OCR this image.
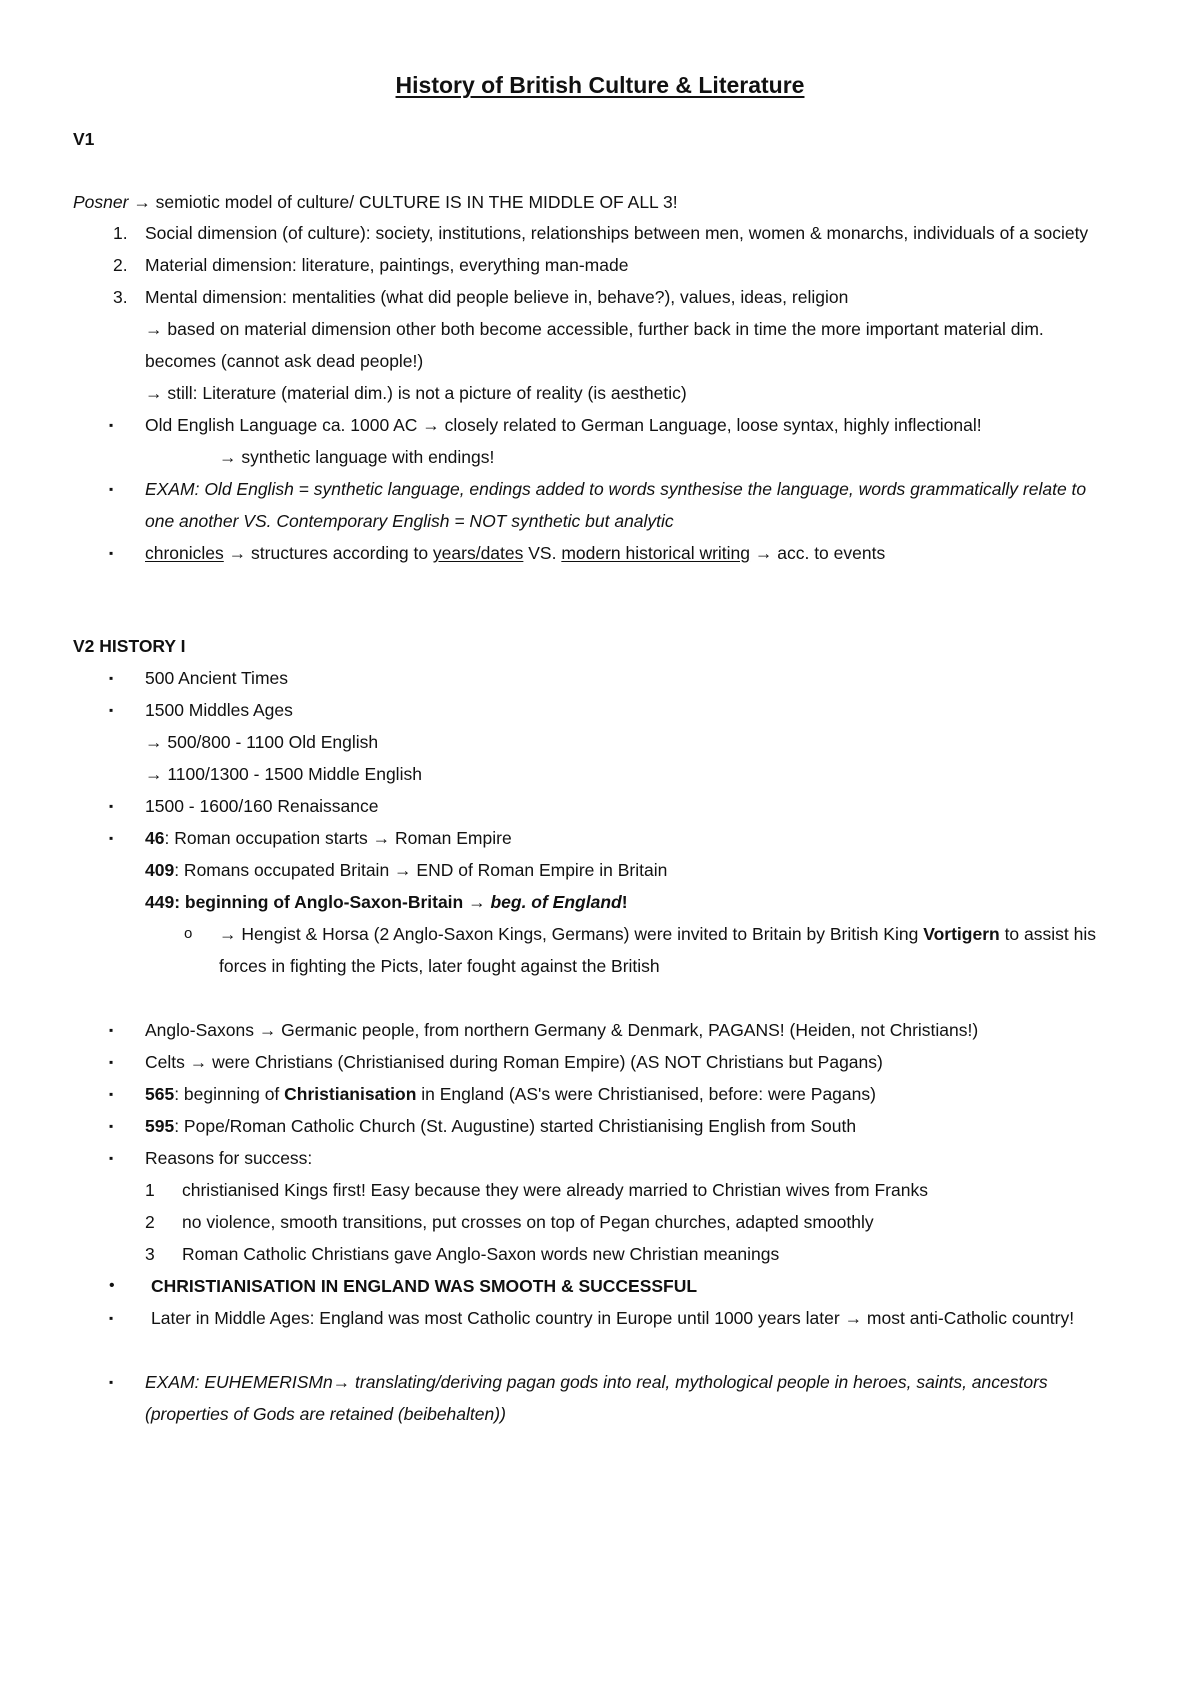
History of British Culture & Literature
V1
Posner → semiotic model of culture/ CULTURE IS IN THE MIDDLE OF ALL 3!
1. Social dimension (of culture): society, institutions, relationships between men, women & monarchs, individuals of a society
2. Material dimension: literature, paintings, everything man-made
3. Mental dimension: mentalities (what did people believe in, behave?), values, ideas, religion
→ based on material dimension other both become accessible, further back in time the more important material dim.
becomes (cannot ask dead people!)
→ still: Literature (material dim.) is not a picture of reality (is aesthetic)
▪ Old English Language ca. 1000 AC → closely related to German Language, loose syntax, highly inflectional!
→ synthetic language with endings!
▪ EXAM: Old English = synthetic language, endings added to words synthesise the language, words grammatically relate to
one another VS. Contemporary English = NOT synthetic but analytic
▪ chronicles → structures according to years/dates VS. modern historical writing → acc. to events
V2 HISTORY I
▪ 500 Ancient Times
▪ 1500 Middles Ages
→ 500/800 - 1100 Old English
→ 1100/1300 - 1500 Middle English
▪ 1500 - 1600/160 Renaissance
▪ 46: Roman occupation starts → Roman Empire
409: Romans occupated Britain → END of Roman Empire in Britain
449: beginning of Anglo-Saxon-Britain → beg. of England!
o → Hengist & Horsa (2 Anglo-Saxon Kings, Germans) were invited to Britain by British King Vortigern to assist his
forces in fighting the Picts, later fought against the British
▪ Anglo-Saxons → Germanic people, from northern Germany & Denmark, PAGANS! (Heiden, not Christians!)
▪ Celts → were Christians (Christianised during Roman Empire) (AS NOT Christians but Pagans)
▪ 565: beginning of Christianisation in England (AS's were Christianised, before: were Pagans)
▪ 595: Pope/Roman Catholic Church (St. Augustine) started Christianising English from South
▪ Reasons for success:
1 christianised Kings first! Easy because they were already married to Christian wives from Franks
2 no violence, smooth transitions, put crosses on top of Pegan churches, adapted smoothly
3 Roman Catholic Christians gave Anglo-Saxon words new Christian meanings
• CHRISTIANISATION IN ENGLAND WAS SMOOTH & SUCCESSFUL
▪ Later in Middle Ages: England was most Catholic country in Europe until 1000 years later → most anti-Catholic country!
▪ EXAM: EUHEMERISMn→ translating/deriving pagan gods into real, mythological people in heroes, saints, ancestors
(properties of Gods are retained (beibehalten))
